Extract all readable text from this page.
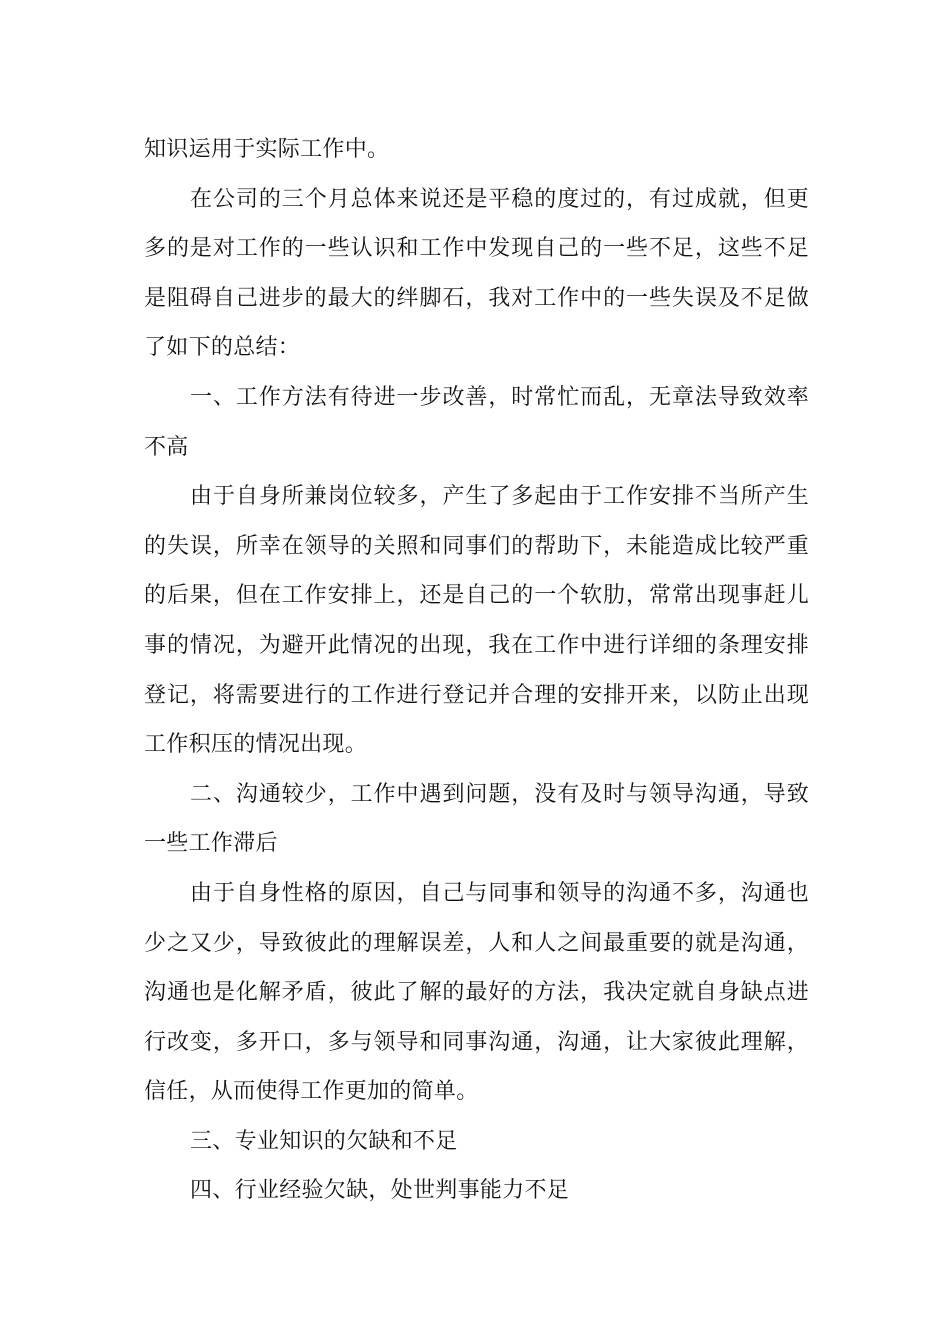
知识运用于实际工作中。

在公司的三个月总体来说还是平稳的度过的，有过成就，但更多的是对工作的一些认识和工作中发现自己的一些不足，这些不足是阻碍自己进步的最大的绊脚石，我对工作中的一些失误及不足做了如下的总结：

一、工作方法有待进一步改善，时常忙而乱，无章法导致效率不高

由于自身所兼岗位较多，产生了多起由于工作安排不当所产生的失误，所幸在领导的关照和同事们的帮助下，未能造成比较严重的后果，但在工作安排上，还是自己的一个软肋，常常出现事赶儿事的情况，为避开此情况的出现，我在工作中进行详细的条理安排登记，将需要进行的工作进行登记并合理的安排开来，以防止出现工作积压的情况出现。

二、沟通较少，工作中遇到问题，没有及时与领导沟通，导致一些工作滞后

由于自身性格的原因，自己与同事和领导的沟通不多，沟通也少之又少，导致彼此的理解误差，人和人之间最重要的就是沟通，沟通也是化解矛盾，彼此了解的最好的方法，我决定就自身缺点进行改变，多开口，多与领导和同事沟通，沟通，让大家彼此理解，信任，从而使得工作更加的简单。

三、专业知识的欠缺和不足

四、行业经验欠缺，处世判事能力不足
